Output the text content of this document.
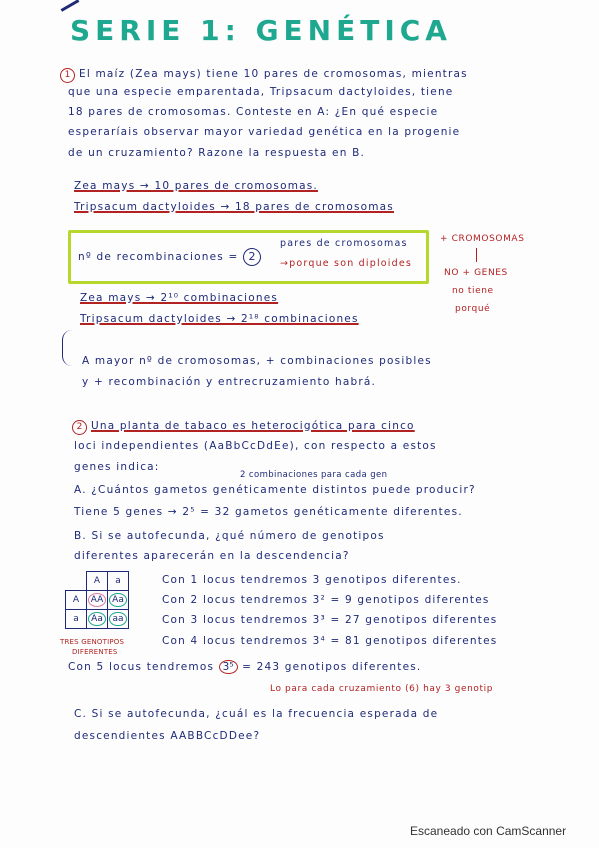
SERIE 1: GENÉTICA
1 El maíz (Zea mays) tiene 10 pares de cromosomas, mientras
que una especie emparentada, Tripsacum dactyloides, tiene
18 pares de cromosomas. Conteste en A: ¿En qué especie
esperaríais observar mayor variedad genética en la progenie
de un cruzamiento? Razone la respuesta en B.
Zea mays → 10 pares de cromosomas.
Tripsacum dactyloides → 18 pares de cromosomas
nº de recombinaciones = 2
pares de cromosomas
→porque son diploides
+ CROMOSOMAS
NO + GENES
no tiene
porqué
Zea mays → 2¹⁰ combinaciones
Tripsacum dactyloides → 2¹⁸ combinaciones
A mayor nº de cromosomas, + combinaciones posibles
y + recombinación y entrecruzamiento habrá.
2 Una planta de tabaco es heterocigótica para cinco
loci independientes (AaBbCcDdEe), con respecto a estos
genes indica:
2 combinaciones para cada gen
A. ¿Cuántos gametos genéticamente distintos puede producir?
Tiene 5 genes → 2⁵ = 32 gametos genéticamente diferentes.
B. Si se autofecunda, ¿qué número de genotipos
diferentes aparecerán en la descendencia?
	A	a
A	AA	Aa
a	Aa	aa
TRES GENOTIPOS
DIFERENTES
Con 1 locus tendremos 3 genotipos diferentes.
Con 2 locus tendremos 3² = 9 genotipos diferentes
Con 3 locus tendremos 3³ = 27 genotipos diferentes
Con 4 locus tendremos 3⁴ = 81 genotipos diferentes
Con 5 locus tendremos 3⁵ = 243 genotipos diferentes.
Lo para cada cruzamiento (6) hay 3 genotip
C. Si se autofecunda, ¿cuál es la frecuencia esperada de
descendientes AABBCcDDee?
Escaneado con CamScanner
